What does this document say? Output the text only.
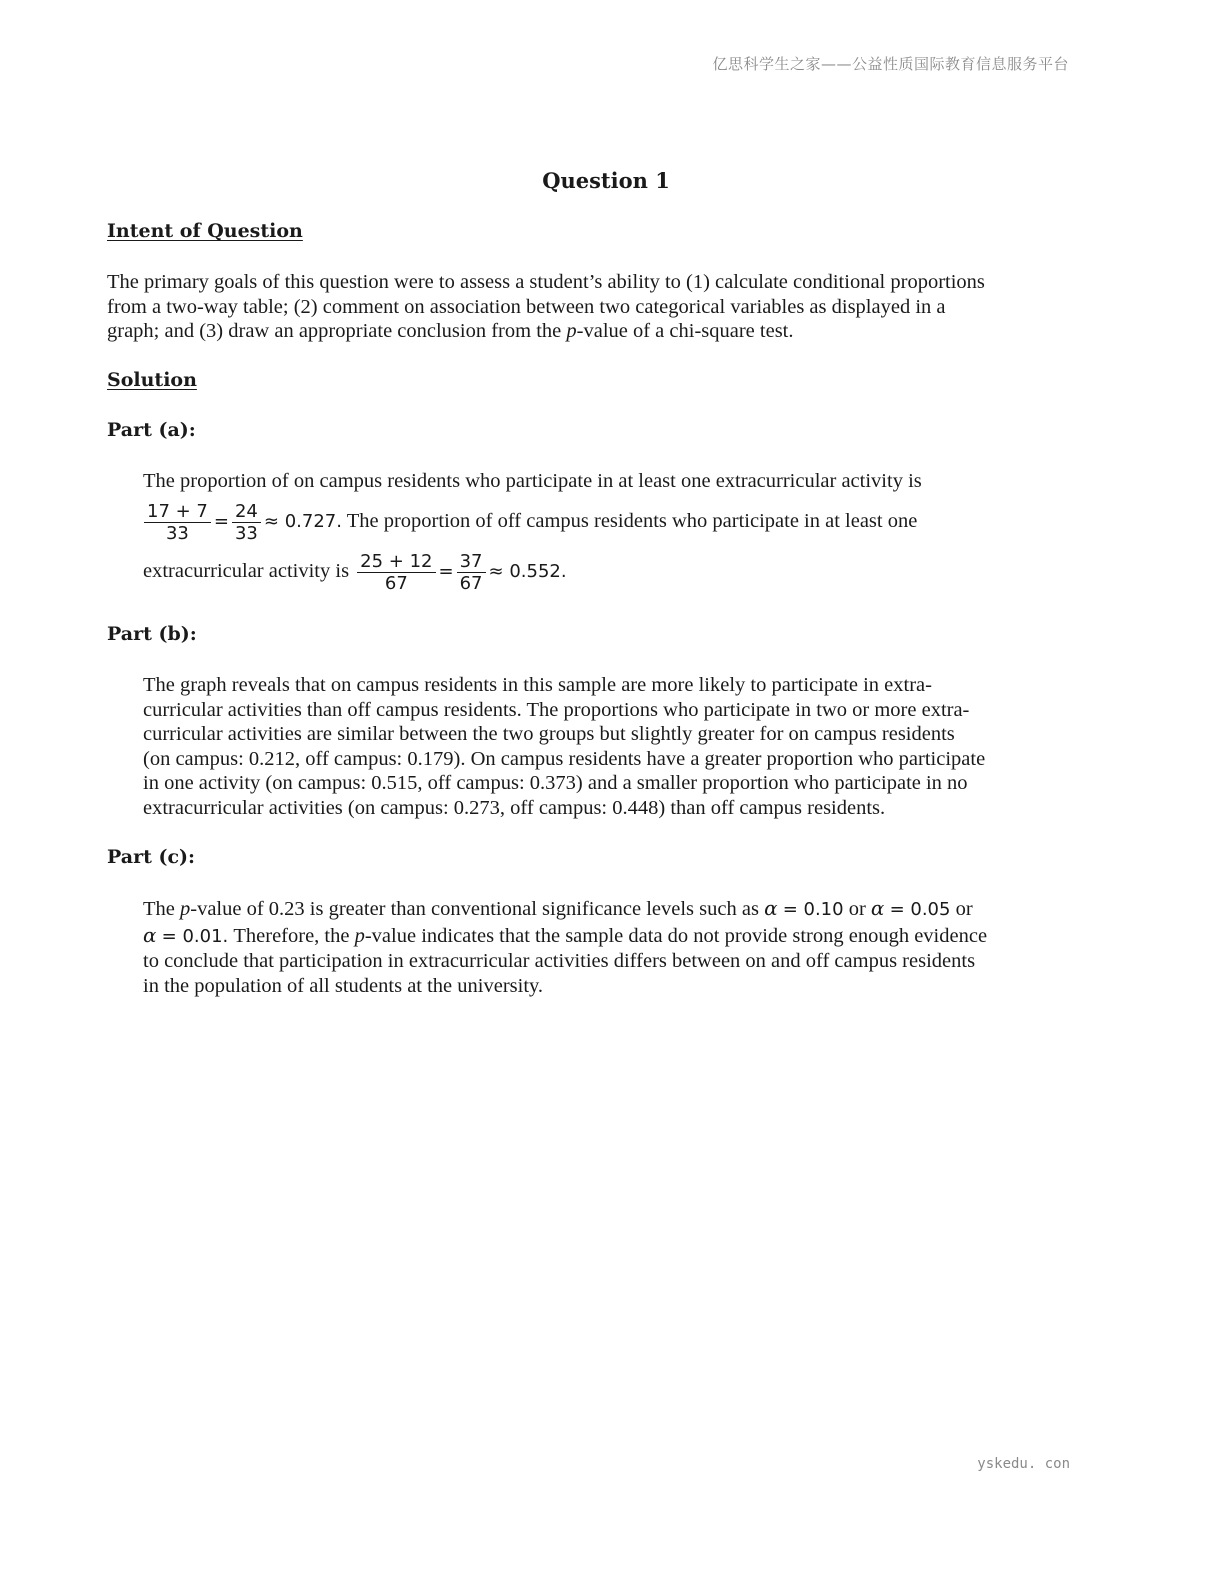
亿思科学生之家——公益性质国际教育信息服务平台
Question 1
Intent of Question
The primary goals of this question were to assess a student’s ability to (1) calculate conditional proportions
from a two-way table; (2) comment on association between two categorical variables as displayed in a
graph; and (3) draw an appropriate conclusion from the p-value of a chi-square test.
Solution
Part (a):
The proportion of on campus residents who participate in at least one extracurricular activity is
$\frac{17 + 7}{33} = \frac{24}{33} \approx 0.727$. The proportion of off campus residents who participate in at least one
extracurricular activity is $\frac{25 + 12}{67} = \frac{37}{67} \approx 0.552$.
Part (b):
The graph reveals that on campus residents in this sample are more likely to participate in extra-
curricular activities than off campus residents. The proportions who participate in two or more extra-
curricular activities are similar between the two groups but slightly greater for on campus residents
(on campus: 0.212, off campus: 0.179). On campus residents have a greater proportion who participate
in one activity (on campus: 0.515, off campus: 0.373) and a smaller proportion who participate in no
extracurricular activities (on campus: 0.273, off campus: 0.448) than off campus residents.
Part (c):
The p-value of 0.23 is greater than conventional significance levels such as α = 0.10 or α = 0.05 or
α = 0.01. Therefore, the p-value indicates that the sample data do not provide strong enough evidence
to conclude that participation in extracurricular activities differs between on and off campus residents
in the population of all students at the university.
yskedu. con
